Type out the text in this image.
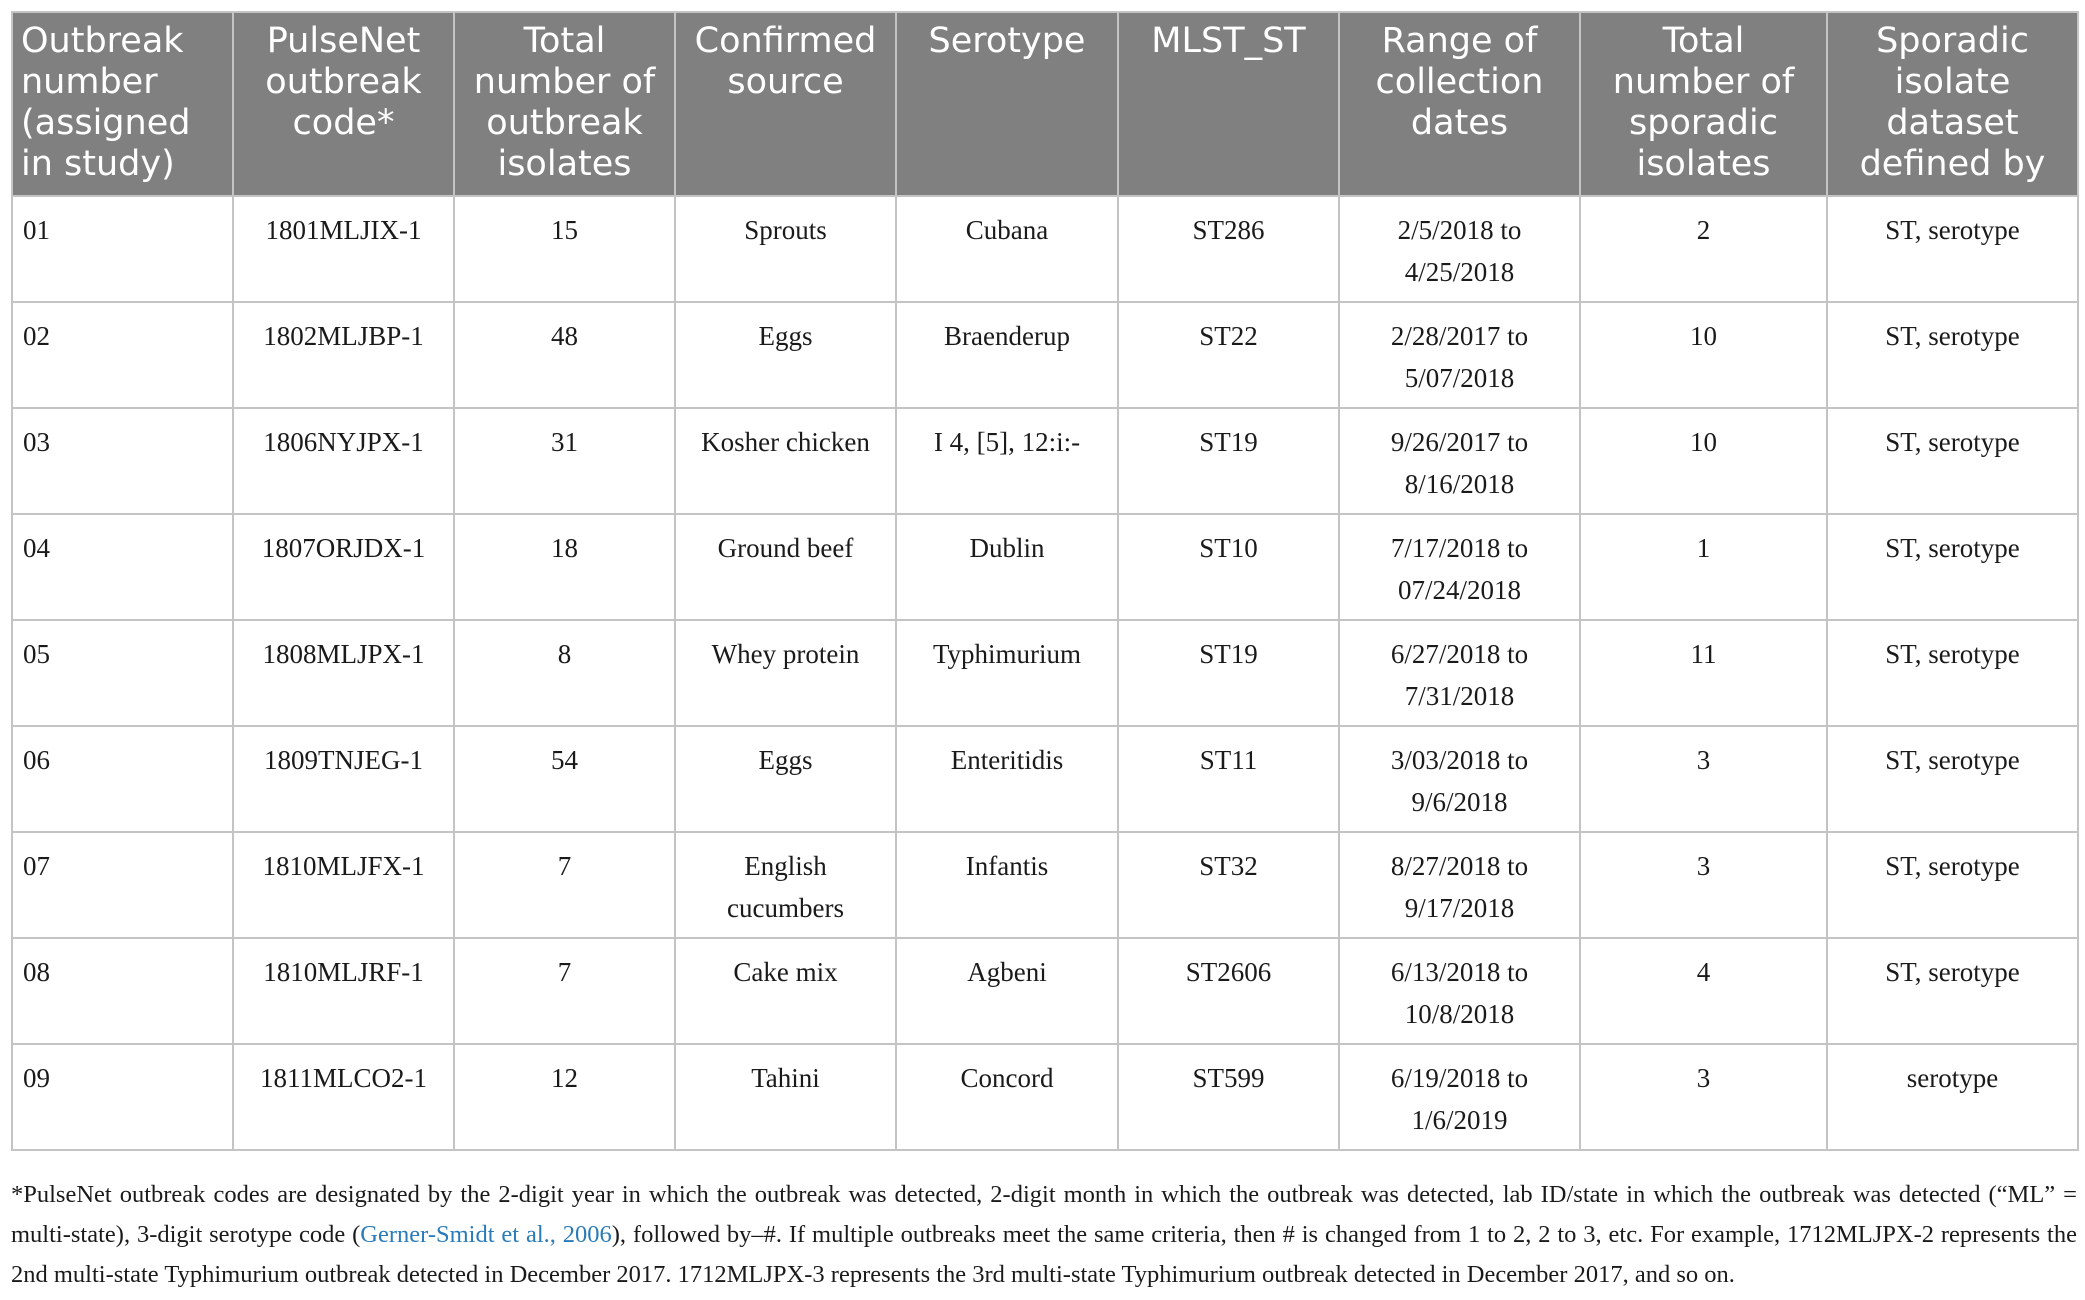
Outbreak number (assigned in study)	PulseNet outbreak code*	Total number of outbreak isolates	Confirmed source	Serotype	MLST_ST	Range of collection dates	Total number of sporadic isolates	Sporadic isolate dataset defined by
01	1801MLJIX-1	15	Sprouts	Cubana	ST286	2/5/2018 to 4/25/2018	2	ST, serotype
02	1802MLJBP-1	48	Eggs	Braenderup	ST22	2/28/2017 to 5/07/2018	10	ST, serotype
03	1806NYJPX-1	31	Kosher chicken	I 4, [5], 12:i:-	ST19	9/26/2017 to 8/16/2018	10	ST, serotype
04	1807ORJDX-1	18	Ground beef	Dublin	ST10	7/17/2018 to 07/24/2018	1	ST, serotype
05	1808MLJPX-1	8	Whey protein	Typhimurium	ST19	6/27/2018 to 7/31/2018	11	ST, serotype
06	1809TNJEG-1	54	Eggs	Enteritidis	ST11	3/03/2018 to 9/6/2018	3	ST, serotype
07	1810MLJFX-1	7	English cucumbers	Infantis	ST32	8/27/2018 to 9/17/2018	3	ST, serotype
08	1810MLJRF-1	7	Cake mix	Agbeni	ST2606	6/13/2018 to 10/8/2018	4	ST, serotype
09	1811MLCO2-1	12	Tahini	Concord	ST599	6/19/2018 to 1/6/2019	3	serotype

*PulseNet outbreak codes are designated by the 2-digit year in which the outbreak was detected, 2-digit month in which the outbreak was detected, lab ID/state in which the outbreak was detected (“ML” = multi-state), 3-digit serotype code (Gerner-Smidt et al., 2006), followed by–#. If multiple outbreaks meet the same criteria, then # is changed from 1 to 2, 2 to 3, etc. For example, 1712MLJPX-2 represents the 2nd multi-state Typhimurium outbreak detected in December 2017. 1712MLJPX-3 represents the 3rd multi-state Typhimurium outbreak detected in December 2017, and so on.
